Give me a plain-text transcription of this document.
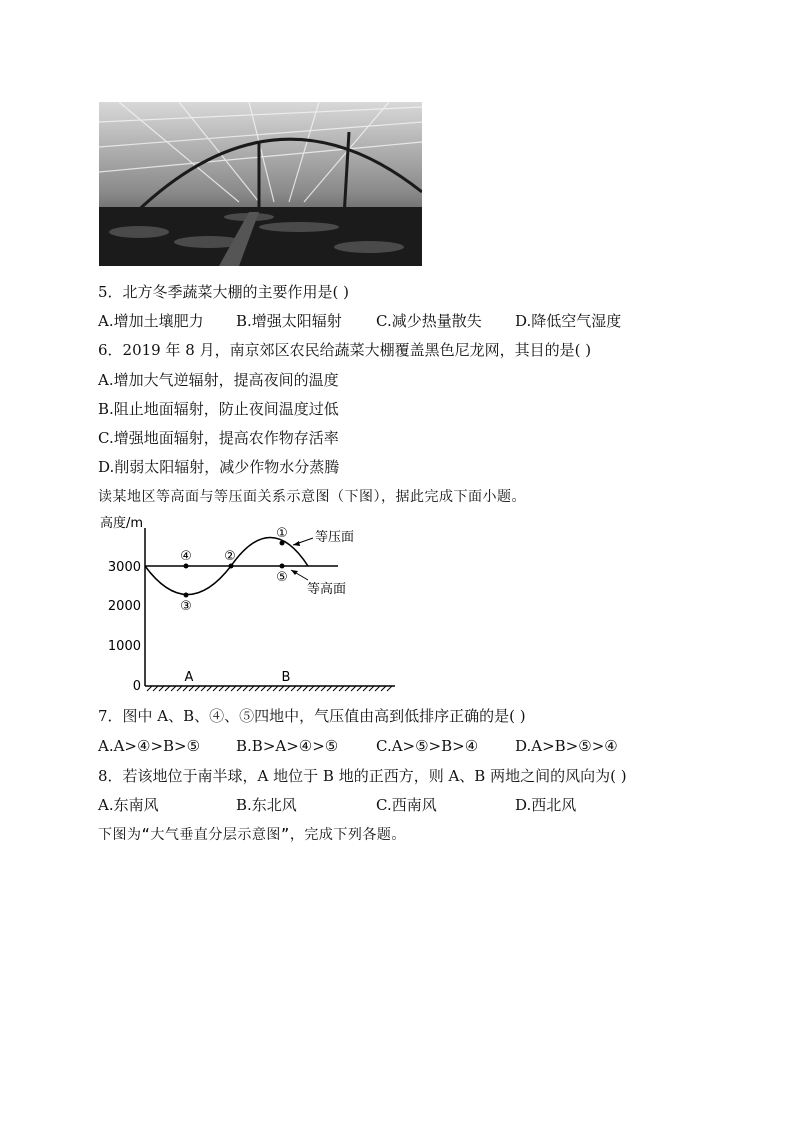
5．北方冬季蔬菜大棚的主要作用是( )
A.增加土壤肥力 B.增强太阳辐射 C.减少热量散失 D.降低空气湿度
6．2019 年 8 月，南京郊区农民给蔬菜大棚覆盖黑色尼龙网，其目的是( )
A.增加大气逆辐射，提高夜间的温度
B.阻止地面辐射，防止夜间温度过低
C.增强地面辐射，提高农作物存活率
D.削弱太阳辐射，减少作物水分蒸腾
读某地区等高面与等压面关系示意图（下图），据此完成下面小题。
高度/m
3000
2000
1000
0
①
②
③
④
⑤
等压面
等高面
A	B
7．图中 A、B、④、⑤四地中，气压值由高到低排序正确的是( )
A.A>④>B>⑤ B.B>A>④>⑤	C.A>⑤>B>④ D.A>B>⑤>④
8．若该地位于南半球，A 地位于 B 地的正西方，则 A、B 两地之间的风向为( )
A.东南风	B.东北风	C.西南风	D.西北风
下图为“大气垂直分层示意图”，完成下列各题。
